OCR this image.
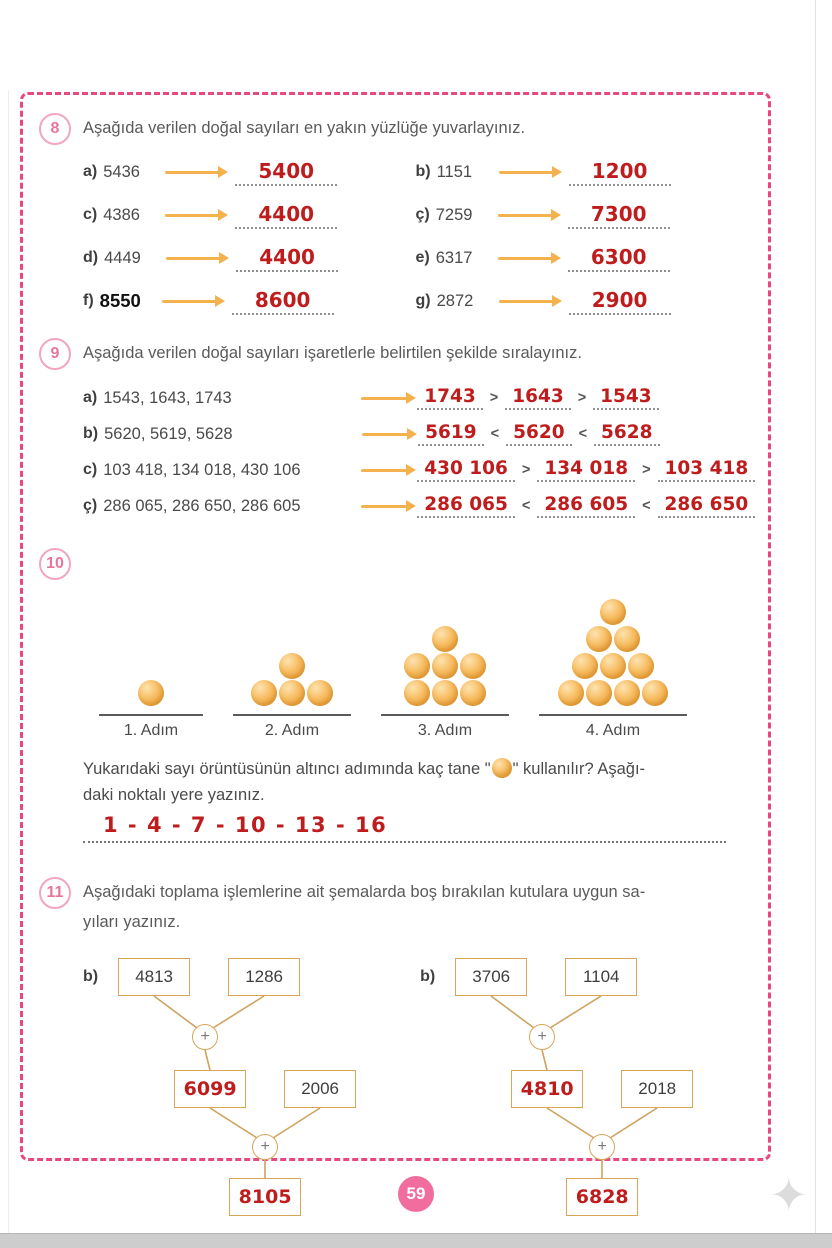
8	Aşağıda verilen doğal sayıları en yakın yüzlüğe yuvarlayınız.
a) 5436	5400	b) 1151	1200
c) 4386	4400	ç) 7259	7300
d) 4449	4400	e) 6317	6300
f) 8550	8600	g) 2872	2900
9	Aşağıda verilen doğal sayıları işaretlerle belirtilen şekilde sıralayınız.
a) 1543, 1643, 1743	1743 > 1643 > 1543
b) 5620, 5619, 5628	5619 < 5620 < 5628
c) 103 418, 134 018, 430 106	430 106 > 134 018 > 103 418
ç) 286 065, 286 650, 286 605	286 065 < 286 605 < 286 650
10
1. Adım	2. Adım	3. Adım	4. Adım

Yukarıdaki sayı örüntüsünün altıncı adımında kaç tane " " kullanılır? Aşağı-
daki noktalı yere yazınız.

1 - 4 - 7 - 10 - 13 - 16
11	Aşağıdaki toplama işlemlerine ait şemalarda boş bırakılan kutulara uygun sa-
yıları yazınız.
b) 4813	1286
+
6099	2006
+
8105
b) 3706	1104
+
4810	2018
+
6828
59	✦
